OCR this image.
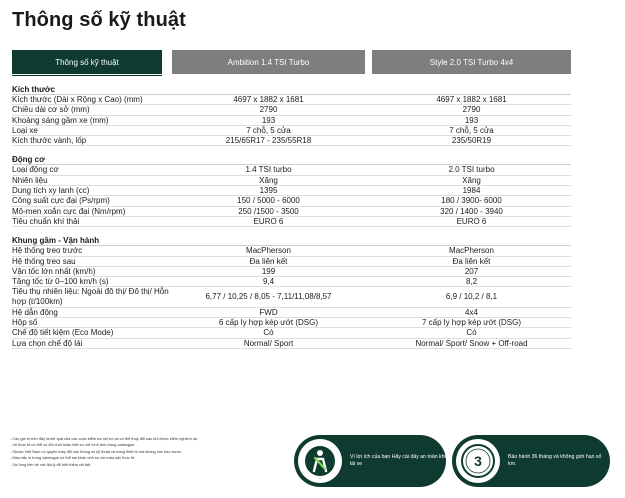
Thông số kỹ thuật
Thông số kỹ thuật	Ambition 1.4 TSI Turbo	Style 2.0 TSI Turbo 4x4
Kích thước
Kích thước (Dài x Rộng x Cao) (mm)	4697 x 1882 x 1681	4697 x 1882 x 1681
Chiều dài cơ sở (mm)	2790	2790
Khoảng sáng gầm xe (mm)	193	193
Loại xe	7 chỗ, 5 cửa	7 chỗ, 5 cửa
Kích thước vành, lốp	215/65R17 - 235/55R18	235/50R19
Động cơ
Loại động cơ	1.4 TSI turbo	2.0 TSI turbo
Nhiên liệu	Xăng	Xăng
Dung tích xy lanh (cc)	1395	1984
Công suất cực đại (Ps/rpm)	150 / 5000 - 6000	180 / 3900- 6000
Mô-men xoắn cực đại (Nm/rpm)	250 /1500 - 3500	320 / 1400 - 3940
Tiêu chuẩn khí thải	EURO 6	EURO 6
Khung gầm - Vận hành
Hệ thống treo trước	MacPherson	MacPherson
Hệ thống treo sau	Đa liên kết	Đa liên kết
Vận tốc lớn nhất (km/h)	199	207
Tăng tốc từ 0–100 km/h (s)	9,4	8,2
Tiêu thụ nhiên liệu: Ngoài đô thị/ Đô thị/ Hỗn hợp (ℓ/100km)
6,77 / 10,25 / 8,05 - 7,11/11,08/8,57	6,9 / 10,2 / 8,1
Hệ dẫn động	FWD	4x4
Hộp số	6 cấp ly hợp kép ướt (DSG)	7 cấp ly hợp kép ướt (DSG)
Chế độ tiết kiệm (Eco Mode)	Có	Có
Lựa chọn chế độ lái	Normal/ Sport	Normal/ Sport/ Snow + Off-road
- Các giá trị trên đây là kết quả của các cuộc kiểm tra nội bộ và có thể thay đổi sau khi được kiểm nghiệm lại.
- Xe thực tế có thể có đôi chút khác biệt so với hình ảnh trong catalogue.
- Skoda Việt Nam có quyền thay đổi các thông số kỹ thuật và trang thiết bị mà không cần báo trước.
- Màu sắc in trong catalogue có thể sai khác nhỏ so với màu sắc thực tế.
- Vui lòng liên hệ với đại lý để biết thêm chi tiết.
Vì lợi ích của bạn Hãy cài dây an toàn khi lái xe	3	Bảo hành 36 tháng và không giới hạn số km.
